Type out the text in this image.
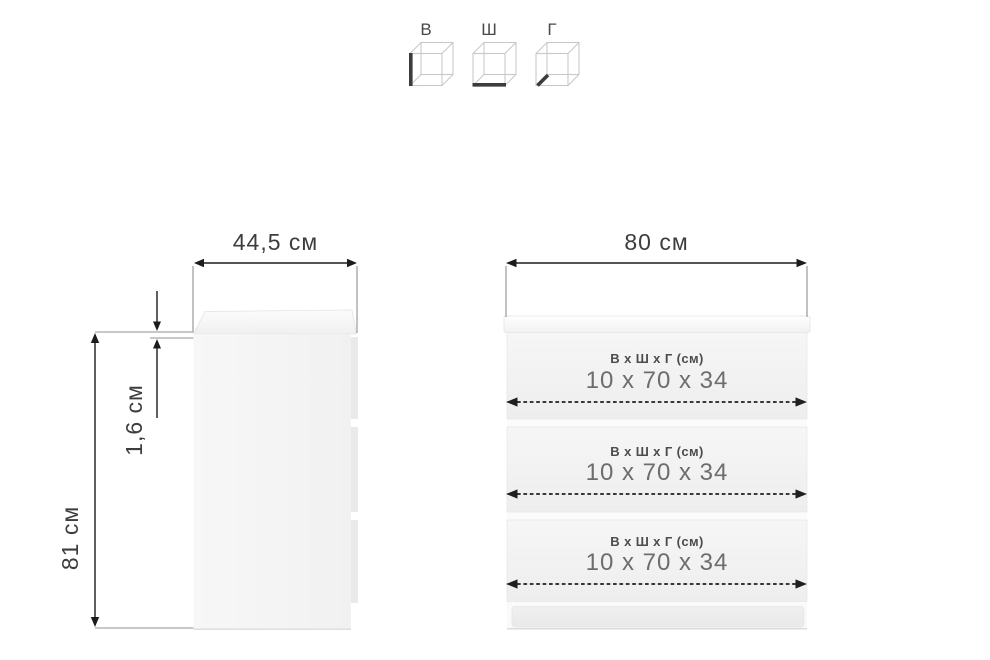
В	Ш	Г
44,5 см	80 см
81 см
1,6 см
В х Ш х Г (см)
10 x 70 x 34
В х Ш х Г (см)
10 x 70 x 34
В х Ш х Г (см)
10 x 70 x 34
